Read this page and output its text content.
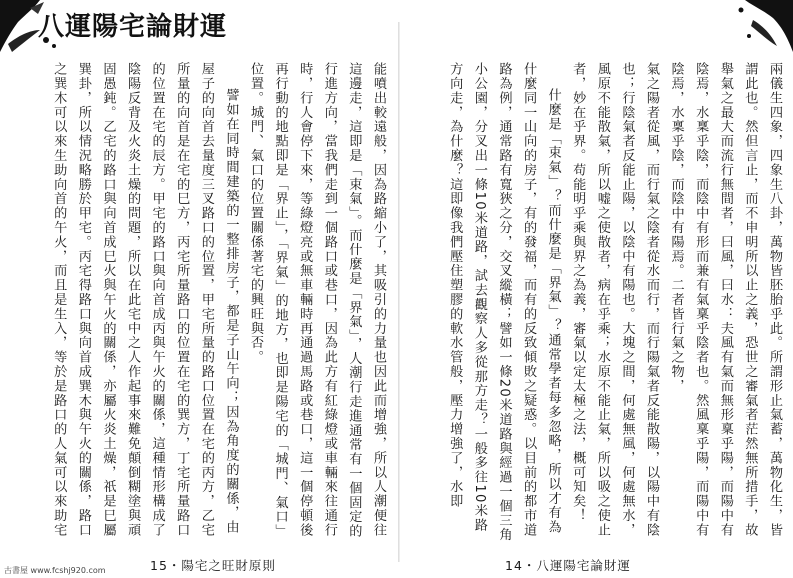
八運陽宅論財運

兩儀生四象，四象生八卦，萬物皆胚胎乎此。所謂形止氣蓄，萬物化生，皆謂此也。然但言止，而不申明所以止之義，恐世之審氣者茫然無所措手，故舉氣之最大而流行無間者，曰風，曰水：夫風有氣而無形稟乎陽，而陽中有陰焉，水稟乎陰，而陰中有形而兼有氣稟乎陰者也。然風稟乎陽，而陽中有陰焉，水稟乎陰，而陰中有陽焉。二者皆行氣之物，

氣之陽者從風，而行氣之陰者從水而行，而行陽氣者反能散陽，以陽中有陰也；行陰氣者反能止陽，以陰中有陽也。大塊之間，何處無風，何處無水，風原不能散氣，所以嘘之使散者，病在乎乘；水原不能止氣，所以吸之使止者，妙在乎界。苟能明乎乘與界之為義，審氣以定太極之法，概可知矣！

什麼是「束氣」？而什麼是「界氣」？通常學者每多忽略，所以才有為什麼同一山向的房子，有的發福，而有的反致傾敗之疑惑。以目前的都市道路為例，通常路有寬狹之分，交叉縱橫；譬如一條20米道路與經過一個三角小公園，分叉出一條10米道路，試去觀察人多從那方走？一般多往10米路方向走，為什麼？這即像我們壓住塑膠的軟水管般，壓力增強了，水即

能噴出較遠般，因為路縮小了，其吸引的力量也因此而增強，所以人潮便往這邊走，這即是「束氣」。而什麼是「界氣」，人潮行走進通常有一個固定的行進方向，當我們走到一個路口或巷口，因為此方有紅綠燈或車輛來往通行時，行人會停下來，等綠燈亮或無車輛時再通過馬路或巷口，這一個停頓後再行動的地點即是「界止」，「界氣」的地方，也即是陽宅的「城門、氣口」位置。城門、氣口的位置關係著宅的興旺與否。

譬如在同時間建築的一整排房子，都是子山午向；因為角度的關係，由屋子的向首去量度三叉路口的位置，甲宅所量的路口位置在宅的丙方，乙宅所量的向首是在宅的巳方，丙宅所量路口的位置在宅的巽方，丁宅所量路口的位置在宅的辰方。甲宅的路口與向首成丙與午火的關係，這種情形構成了陰陽反背及火炎土燥的問題，所以在此宅中之人作起事來難免顛倒糊塗與頑固愚鈍。乙宅的路口與向首成巳火與午火的關係，亦屬火炎土燥，祇是巳屬巽卦，所以情況略勝於甲宅。丙宅得路口與向首成巽木與午火的關係，路口之巽木可以來生助向首的午火，而且是生入，等於是路口的人氣可以來助宅

15・陽宅之旺財原則	14・八運陽宅論財運
古書屋 www.fcshj920.com
